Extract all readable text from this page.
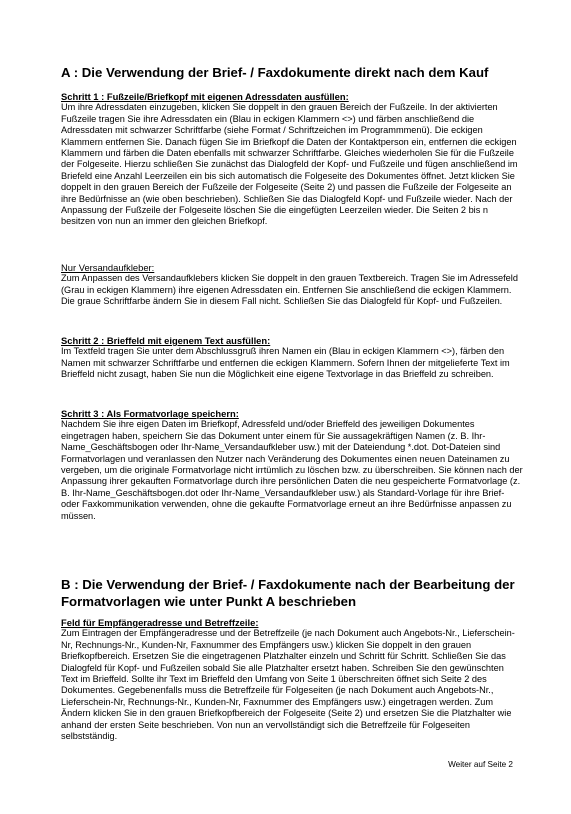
A : Die Verwendung der Brief- / Faxdokumente direkt nach dem Kauf
Schritt 1 : Fußzeile/Briefkopf mit eigenen Adressdaten ausfüllen:

Um ihre Adressdaten einzugeben, klicken Sie doppelt in den grauen Bereich der Fußzeile. In der aktivierten Fußzeile tragen Sie ihre Adressdaten ein (Blau in eckigen Klammern <>) und färben anschließend die Adressdaten mit schwarzer Schriftfarbe (siehe Format / Schriftzeichen im Programmmenü). Die eckigen Klammern entfernen Sie. Danach fügen Sie im Briefkopf die Daten der Kontaktperson ein, entfernen die eckigen Klammern und färben die Daten ebenfalls mit schwarzer Schriftfarbe. Gleiches wiederholen Sie für die Fußzeile der Folgeseite. Hierzu schließen Sie zunächst das Dialogfeld der Kopf- und Fußzeile und fügen anschließend im Briefeld eine Anzahl Leerzeilen ein bis sich automatisch die Folgeseite des Dokumentes öffnet. Jetzt klicken Sie doppelt in den grauen Bereich der Fußzeile der Folgeseite (Seite 2) und passen die Fußzeile der Folgeseite an ihre Bedürfnisse an (wie oben beschrieben). Schließen Sie das Dialogfeld Kopf- und Fußzeile wieder. Nach der Anpassung der Fußzeile der Folgeseite löschen Sie die eingefügten Leerzeilen wieder. Die Seiten 2 bis n besitzen von nun an immer den gleichen Briefkopf.

Nur Versandaufkleber:

Zum Anpassen des Versandaufklebers klicken Sie doppelt in den grauen Textbereich. Tragen Sie im Adressefeld (Grau in eckigen Klammern) ihre eigenen Adressdaten ein. Entfernen Sie anschließend die eckigen Klammern. Die graue Schriftfarbe ändern Sie in diesem Fall nicht. Schließen Sie das Dialogfeld für Kopf- und Fußzeilen.

Schritt 2 : Brieffeld mit eigenem Text ausfüllen:

Im Textfeld tragen Sie unter dem Abschlussgruß ihren Namen ein (Blau in eckigen Klammern <>), färben den Namen mit schwarzer Schriftfarbe und entfernen die eckigen Klammern. Sofern Ihnen der mitgelieferte Text im Brieffeld nicht zusagt, haben Sie nun die Möglichkeit eine eigene Textvorlage in das Brieffeld zu schreiben.

Schritt 3 : Als Formatvorlage speichern:

Nachdem Sie ihre eigen Daten im Briefkopf, Adressfeld und/oder Brieffeld des jeweiligen Dokumentes eingetragen haben, speichern Sie das Dokument unter einem für Sie aussagekräftigen Namen (z. B. Ihr-Name_Geschäftsbogen oder Ihr-Name_Versandaufkleber usw.) mit der Dateiendung *.dot. Dot-Dateien sind Formatvorlagen und veranlassen den Nutzer nach Veränderung des Dokumentes einen neuen Dateinamen zu vergeben, um die originale Formatvorlage nicht irrtümlich zu löschen bzw. zu überschreiben. Sie können nach der Anpassung ihrer gekauften Formatvorlage durch ihre persönlichen Daten die neu gespeicherte Formatvorlage (z. B. Ihr-Name_Geschäftsbogen.dot oder Ihr-Name_Versandaufkleber usw.) als Standard-Vorlage für ihre Brief- oder Faxkommunikation verwenden, ohne die gekaufte Formatvorlage erneut an ihre Bedürfnisse anpassen zu müssen.

B : Die Verwendung der Brief- / Faxdokumente nach der Bearbeitung der Formatvorlagen wie unter Punkt A beschrieben
Feld für Empfängeradresse und Betreffzeile:

Zum Eintragen der Empfängeradresse und der Betreffzeile (je nach Dokument auch Angebots-Nr., Lieferschein-Nr, Rechnungs-Nr., Kunden-Nr, Faxnummer des Empfängers usw.) klicken Sie doppelt in den grauen Briefkopfbereich. Ersetzen Sie die eingetragenen Platzhalter einzeln und Schritt für Schritt. Schließen Sie das Dialogfeld für Kopf- und Fußzeilen sobald Sie alle Platzhalter ersetzt haben. Schreiben Sie den gewünschten Text im Brieffeld. Sollte ihr Text im Brieffeld den Umfang von Seite 1 überschreiten öffnet sich Seite 2 des Dokumentes. Gegebenenfalls muss die Betreffzeile für Folgeseiten (je nach Dokument auch Angebots-Nr., Lieferschein-Nr, Rechnungs-Nr., Kunden-Nr, Faxnummer des Empfängers usw.) eingetragen werden. Zum Ändern klicken Sie in den grauen Briefkopfbereich der Folgeseite (Seite 2) und ersetzen Sie die Platzhalter wie anhand der ersten Seite beschrieben. Von nun an vervollständigt sich die Betreffzeile für Folgeseiten selbstständig.

Weiter auf Seite 2
